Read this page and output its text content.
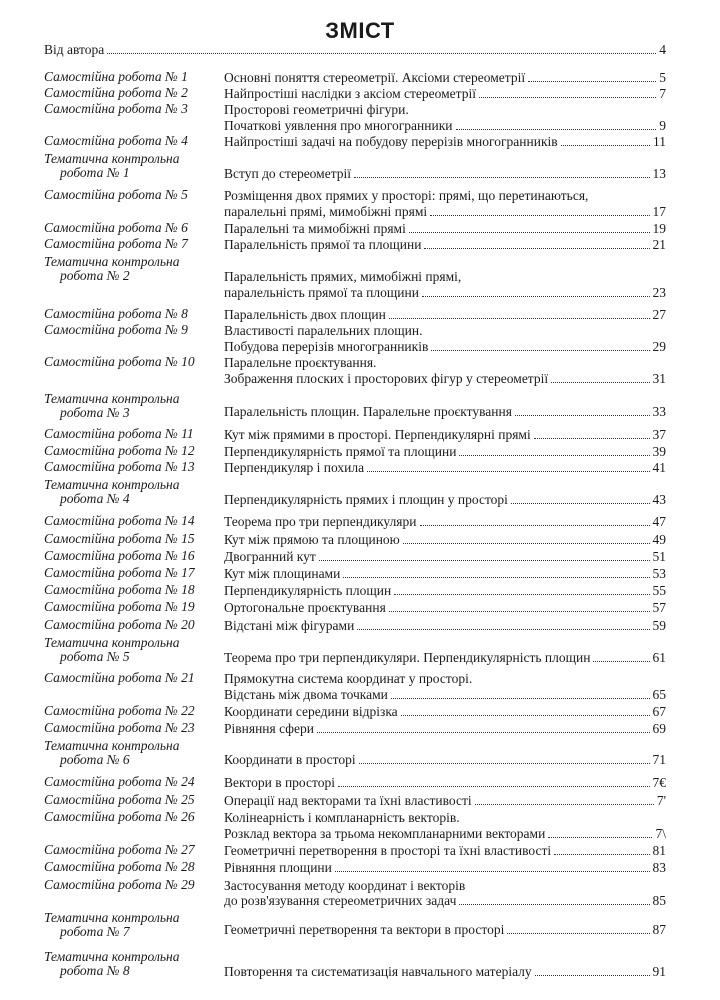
ЗМІСТ
Від автора	4
Самостійна робота № 1	Основні поняття стереометрії. Аксіоми стереометрії	5
Самостійна робота № 2	Найпростіші наслідки з аксіом стереометрії	7
Самостійна робота № 3	Просторові геометричні фігури.
Початкові уявлення про многогранники	9
Самостійна робота № 4	Найпростіші задачі на побудову перерізів многогранників	11
Тематична контрольна
робота № 1	Вступ до стереометрії	13
Самостійна робота № 5	Розміщення двох прямих у просторі: прямі, що перетинаються,
паралельні прямі, мимобіжні прямі	17
Самостійна робота № 6	Паралельні та мимобіжні прямі	19
Самостійна робота № 7	Паралельність прямої та площини	21
Тематична контрольна
робота № 2	Паралельність прямих, мимобіжні прямі,
паралельність прямої та площини	23
Самостійна робота № 8	Паралельність двох площин	27
Самостійна робота № 9	Властивості паралельних площин.
Побудова перерізів многогранників	29
Самостійна робота № 10	Паралельне проєктування.
Зображення плоских і просторових фігур у стереометрії	31
Тематична контрольна
робота № 3	Паралельність площин. Паралельне проєктування	33
Самостійна робота № 11	Кут між прямими в просторі. Перпендикулярні прямі	37
Самостійна робота № 12	Перпендикулярність прямої та площини	39
Самостійна робота № 13	Перпендикуляр і похила	41
Тематична контрольна
робота № 4	Перпендикулярність прямих і площин у просторі	43
Самостійна робота № 14	Теорема про три перпендикуляри	47
Самостійна робота № 15	Кут між прямою та площиною	49
Самостійна робота № 16	Двогранний кут	51
Самостійна робота № 17	Кут між площинами	53
Самостійна робота № 18	Перпендикулярність площин	55
Самостійна робота № 19	Ортогональне проєктування	57
Самостійна робота № 20	Відстані між фігурами	59
Тематична контрольна
робота № 5	Теорема про три перпендикуляри. Перпендикулярність площин	61
Самостійна робота № 21	Прямокутна система координат у просторі.
Відстань між двома точками	65
Самостійна робота № 22	Координати середини відрізка	67
Самостійна робота № 23	Рівняння сфери	69
Тематична контрольна
робота № 6	Координати в просторі	71
Самостійна робота № 24	Вектори в просторі	7€
Самостійна робота № 25	Операції над векторами та їхні властивості	7'
Самостійна робота № 26	Колінеарність і компланарність векторів.
Розклад вектора за трьома некомпланарними векторами	7\
Самостійна робота № 27	Геометричні перетворення в просторі та їхні властивості	81
Самостійна робота № 28	Рівняння площини	83
Самостійна робота № 29	Застосування методу координат і векторів
до розв'язування стереометричних задач	85
Тематична контрольна
робота № 7	Геометричні перетворення та вектори в просторі	87
Тематична контрольна
робота № 8	Повторення та систематизація навчального матеріалу	91
